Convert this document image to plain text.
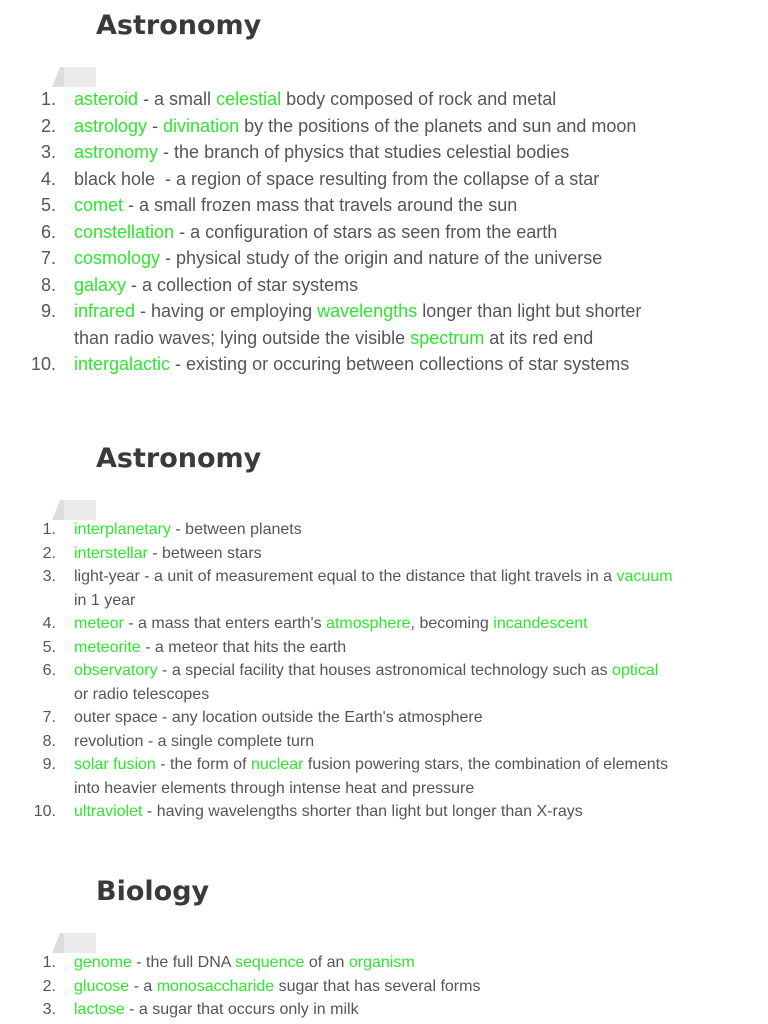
Astronomy
1. asteroid - a small celestial body composed of rock and metal
2. astrology - divination by the positions of the planets and sun and moon
3. astronomy - the branch of physics that studies celestial bodies
4. black hole  - a region of space resulting from the collapse of a star
5. comet - a small frozen mass that travels around the sun
6. constellation - a configuration of stars as seen from the earth
7. cosmology - physical study of the origin and nature of the universe
8. galaxy - a collection of star systems
9. infrared - having or employing wavelengths longer than light but shorter than radio waves; lying outside the visible spectrum at its red end
10. intergalactic - existing or occuring between collections of star systems
Astronomy
1. interplanetary - between planets
2. interstellar - between stars
3. light-year - a unit of measurement equal to the distance that light travels in a vacuum in 1 year
4. meteor - a mass that enters earth's atmosphere, becoming incandescent
5. meteorite - a meteor that hits the earth
6. observatory - a special facility that houses astronomical technology such as optical or radio telescopes
7. outer space - any location outside the Earth's atmosphere
8. revolution - a single complete turn
9. solar fusion - the form of nuclear fusion powering stars, the combination of elements into heavier elements through intense heat and pressure
10. ultraviolet - having wavelengths shorter than light but longer than X-rays
Biology
1. genome - the full DNA sequence of an organism
2. glucose - a monosaccharide sugar that has several forms
3. lactose - a sugar that occurs only in milk
